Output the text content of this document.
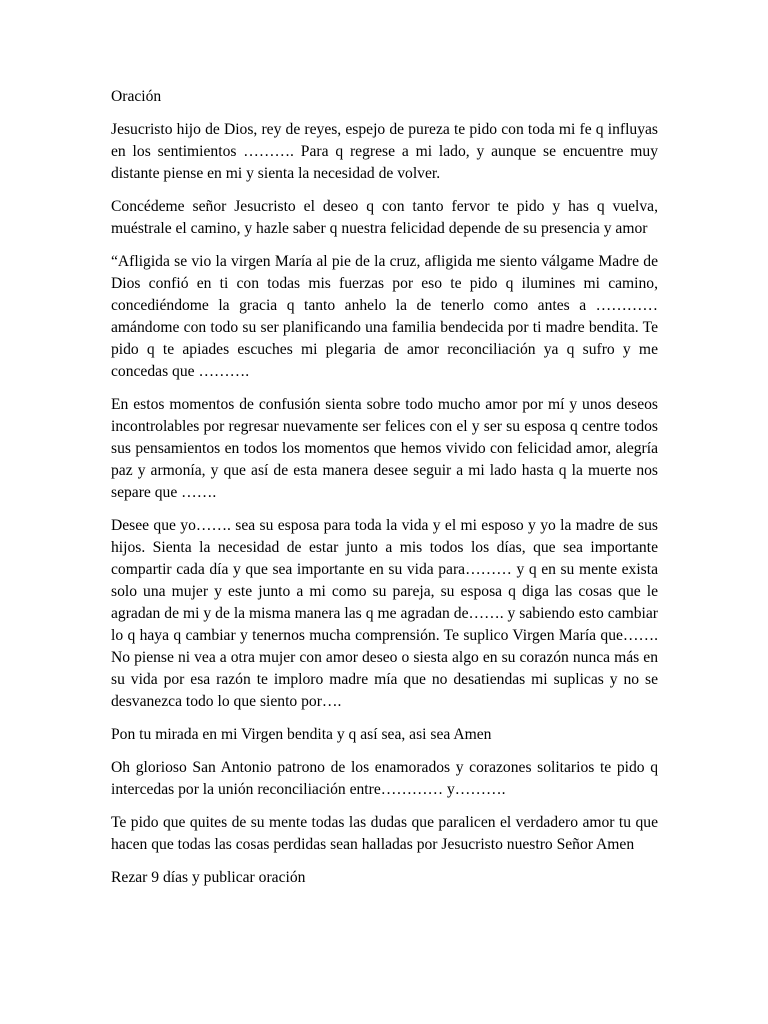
Oración

Jesucristo hijo de Dios, rey de reyes, espejo de pureza te pido con toda mi fe q influyas en los sentimientos ………. Para q regrese a mi lado, y aunque se encuentre muy distante piense en mi y sienta la necesidad de volver.

Concédeme señor Jesucristo el deseo q con tanto fervor te pido y has q vuelva, muéstrale el camino, y hazle saber q nuestra felicidad depende de su presencia y amor

“Afligida se vio la virgen María al pie de la cruz, afligida me siento válgame Madre de Dios confió en ti con todas mis fuerzas por eso te pido q ilumines mi camino, concediéndome la gracia q tanto anhelo la de tenerlo como antes a ………… amándome con todo su ser planificando una familia bendecida por ti madre bendita. Te pido q te apiades escuches mi plegaria de amor reconciliación ya q sufro y me concedas que ……….

En estos momentos de confusión sienta sobre todo mucho amor por mí y unos deseos incontrolables por regresar nuevamente ser felices con el y ser su esposa q centre todos sus pensamientos en todos los momentos que hemos vivido con felicidad amor, alegría paz y armonía, y que así de esta manera desee seguir a mi lado hasta q la muerte nos separe que …….

Desee que yo……. sea su esposa para toda la vida y el mi esposo y yo la madre de sus hijos. Sienta la necesidad de estar junto a mis todos los días, que sea importante compartir cada día y que sea importante en su vida para……… y q en su mente exista solo una mujer y este junto a mi como su pareja, su esposa q diga las cosas que le agradan de mi y de la misma manera las q me agradan de……. y sabiendo esto cambiar lo q haya q cambiar y tenernos mucha comprensión. Te suplico Virgen María que……. No piense ni vea a otra mujer con amor deseo o siesta algo en su corazón nunca más en su vida por esa razón te imploro madre mía que no desatiendas mi suplicas y no se desvanezca todo lo que siento por….

Pon tu mirada en mi Virgen bendita y q así sea, asi sea Amen

Oh glorioso San Antonio patrono de los enamorados y corazones solitarios te pido q intercedas por la unión reconciliación entre………… y……….

Te pido que quites de su mente todas las dudas que paralicen el verdadero amor tu que hacen que todas las cosas perdidas sean halladas por Jesucristo nuestro Señor Amen

Rezar 9 días y publicar oración
